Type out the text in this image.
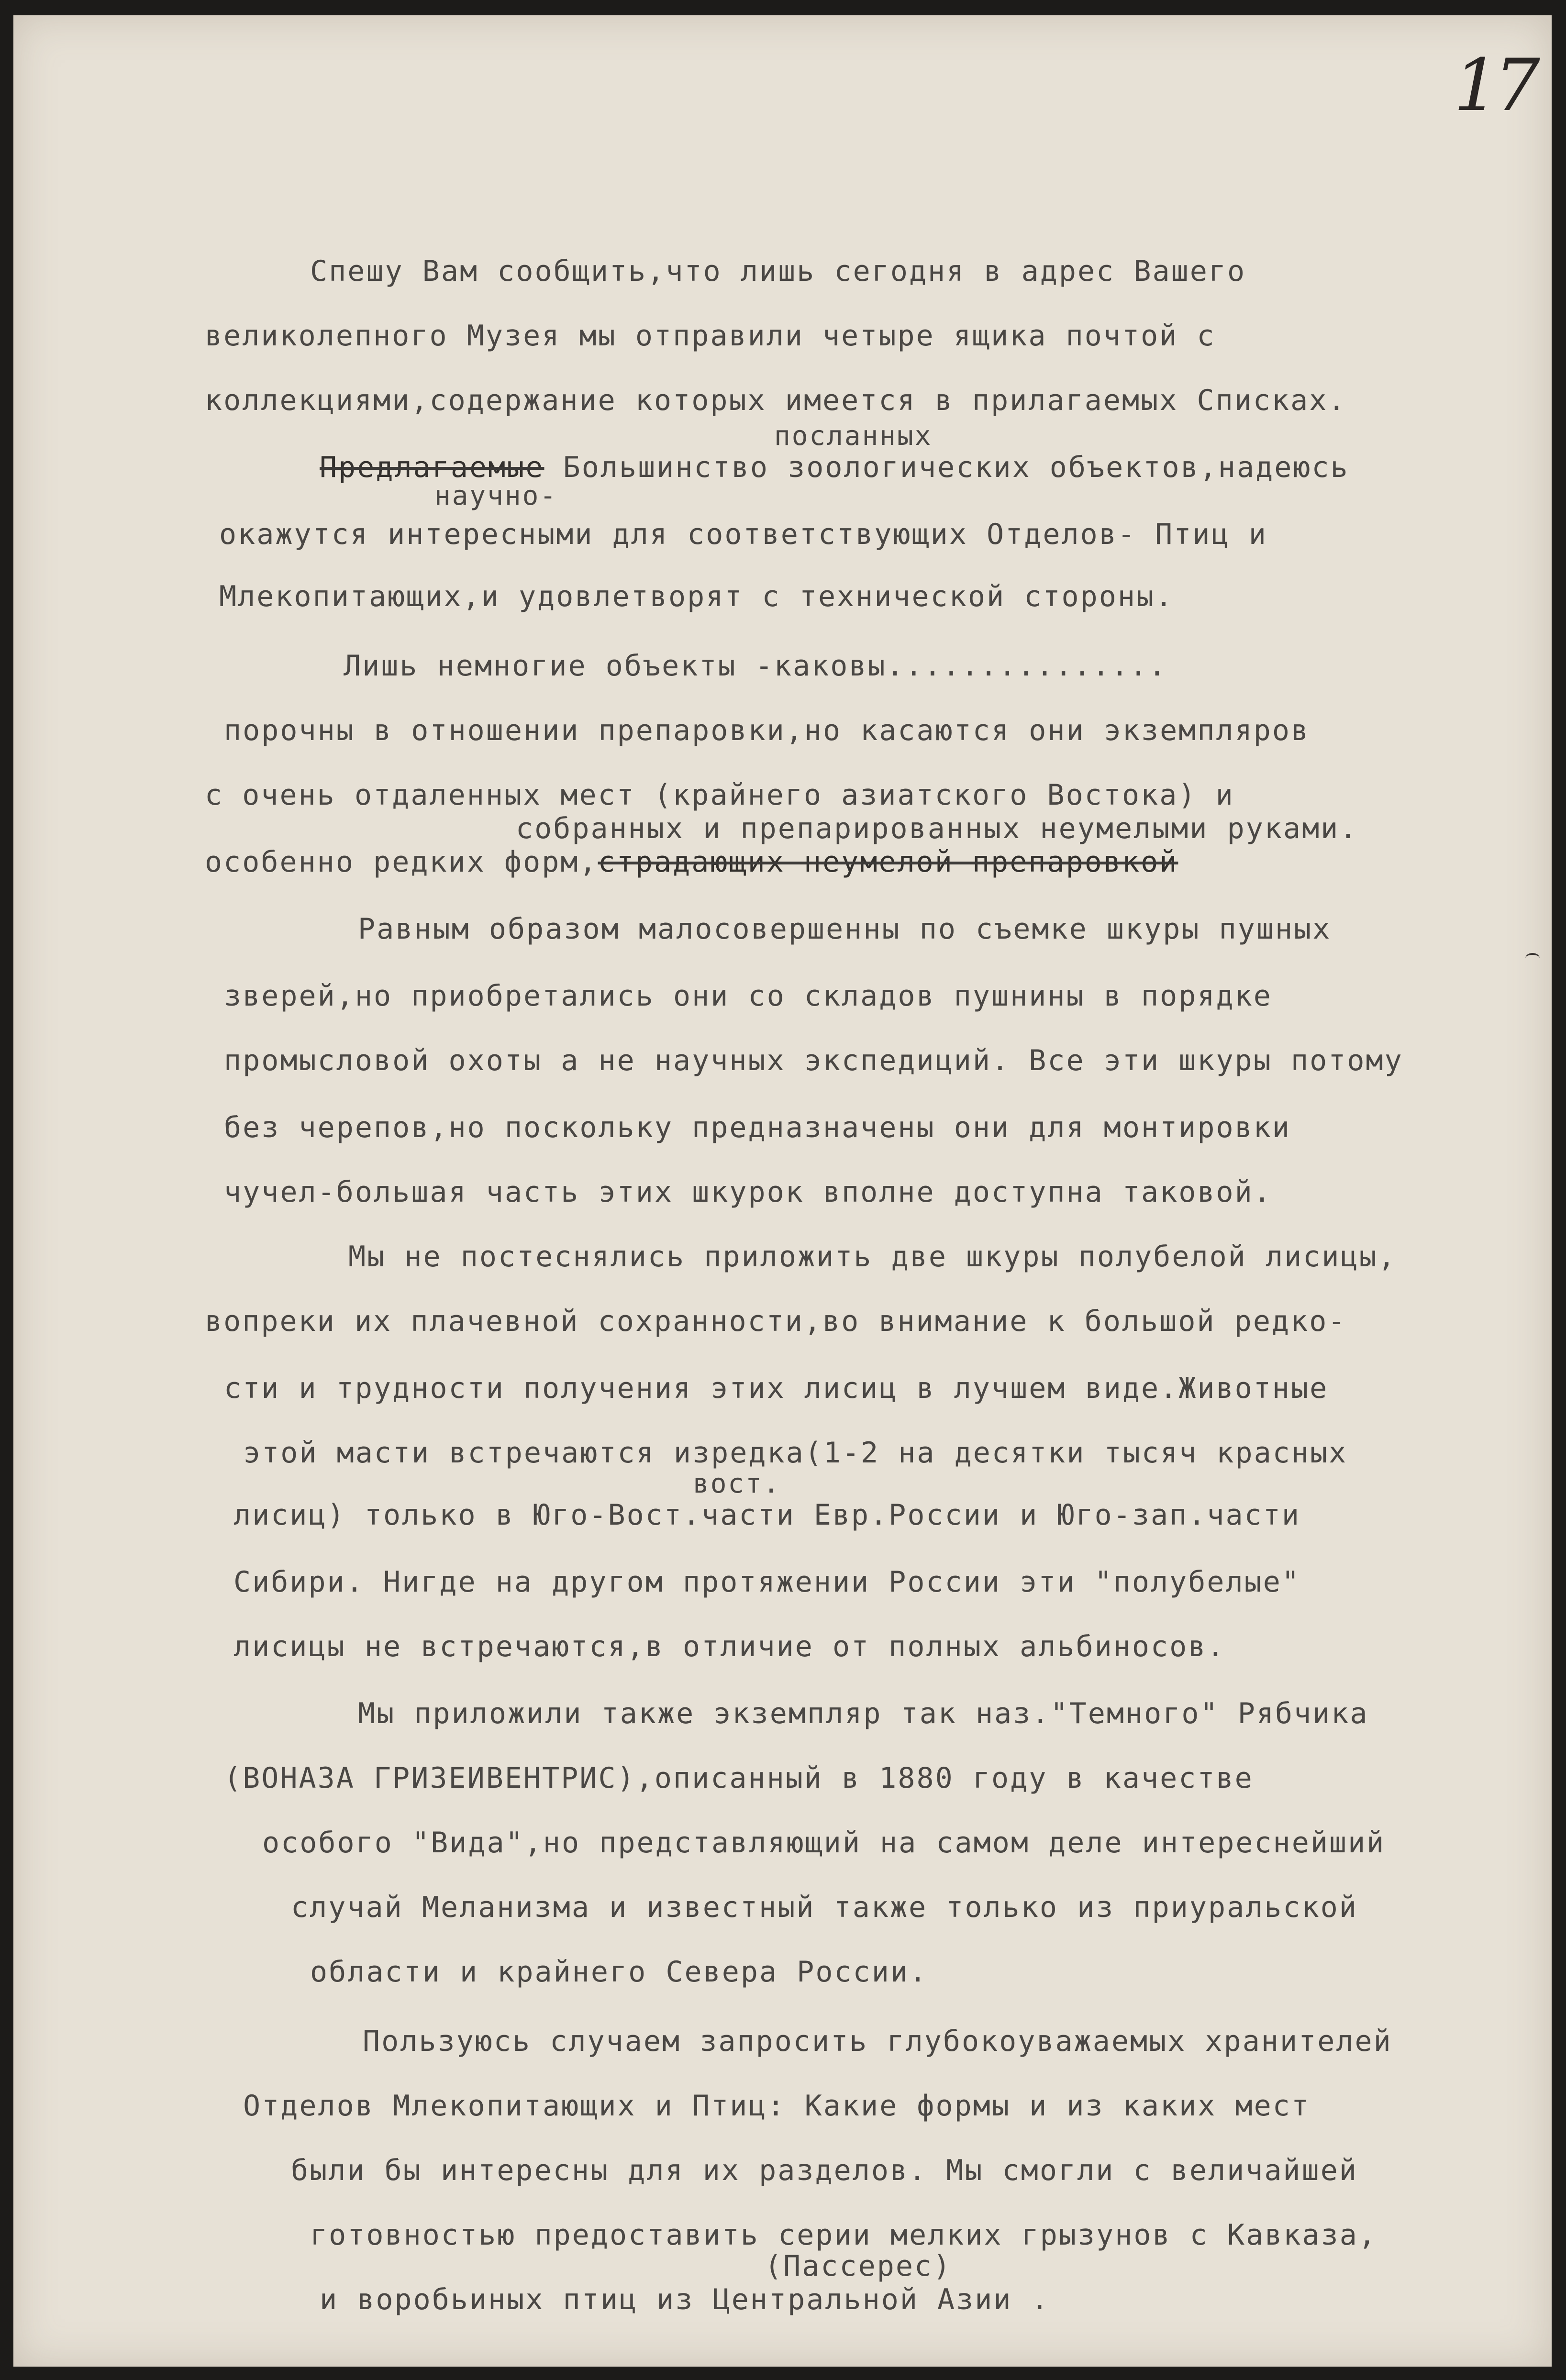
17
Спешу Вам сообщить,что лишь сегодня в адрес Вашего
великолепного Музея мы отправили четыре ящика почтой с
коллекциями,содержание которых имеется в прилагаемых Списках.
посланных
Предлагаемые Большинство зоологических объектов,надеюсь
научно-
окажутся интересными для соответствующих Отделов- Птиц и
Млекопитающих,и удовлетворят с технической стороны.
Лишь немногие объекты -каковы...............
порочны в отношении препаровки,но касаются они экземпляров
с очень отдаленных мест (крайнего азиатского Востока) и
собранных и препарированных неумелыми руками.
особенно редких форм,страдающих неумелой препаровкой
Равным образом малосовершенны по съемке шкуры пушных
зверей,но приобретались они со складов пушнины в порядке
промысловой охоты а не научных экспедиций. Все эти шкуры потому
без черепов,но поскольку предназначены они для монтировки
чучел-большая часть этих шкурок вполне доступна таковой.
Мы не постеснялись приложить две шкуры полубелой лисицы,
вопреки их плачевной сохранности,во внимание к большой редко-
сти и трудности получения этих лисиц в лучшем виде.Животные
этой масти встречаются изредка(1-2 на десятки тысяч красных
вост.
лисиц) только в Юго-Вост.части Евр.России и Юго-зап.части
Сибири. Нигде на другом протяжении России эти "полубелые"
лисицы не встречаются,в отличие от полных альбиносов.
Мы приложили также экземпляр так наз."Темного" Рябчика
(ВОНАЗА ГРИЗЕИВЕНТРИС),описанный в 1880 году в качестве
особого "Вида",но представляющий на самом деле интереснейший
случай Меланизма и известный также только из приуральской
области и крайнего Севера России.
Пользуюсь случаем запросить глубокоуважаемых хранителей
Отделов Млекопитающих и Птиц: Какие формы и из каких мест
были бы интересны для их разделов. Мы смогли с величайшей
готовностью предоставить серии мелких грызунов с Кавказа,
(Пассерес)
и воробьиных птиц из Центральной Азии .
